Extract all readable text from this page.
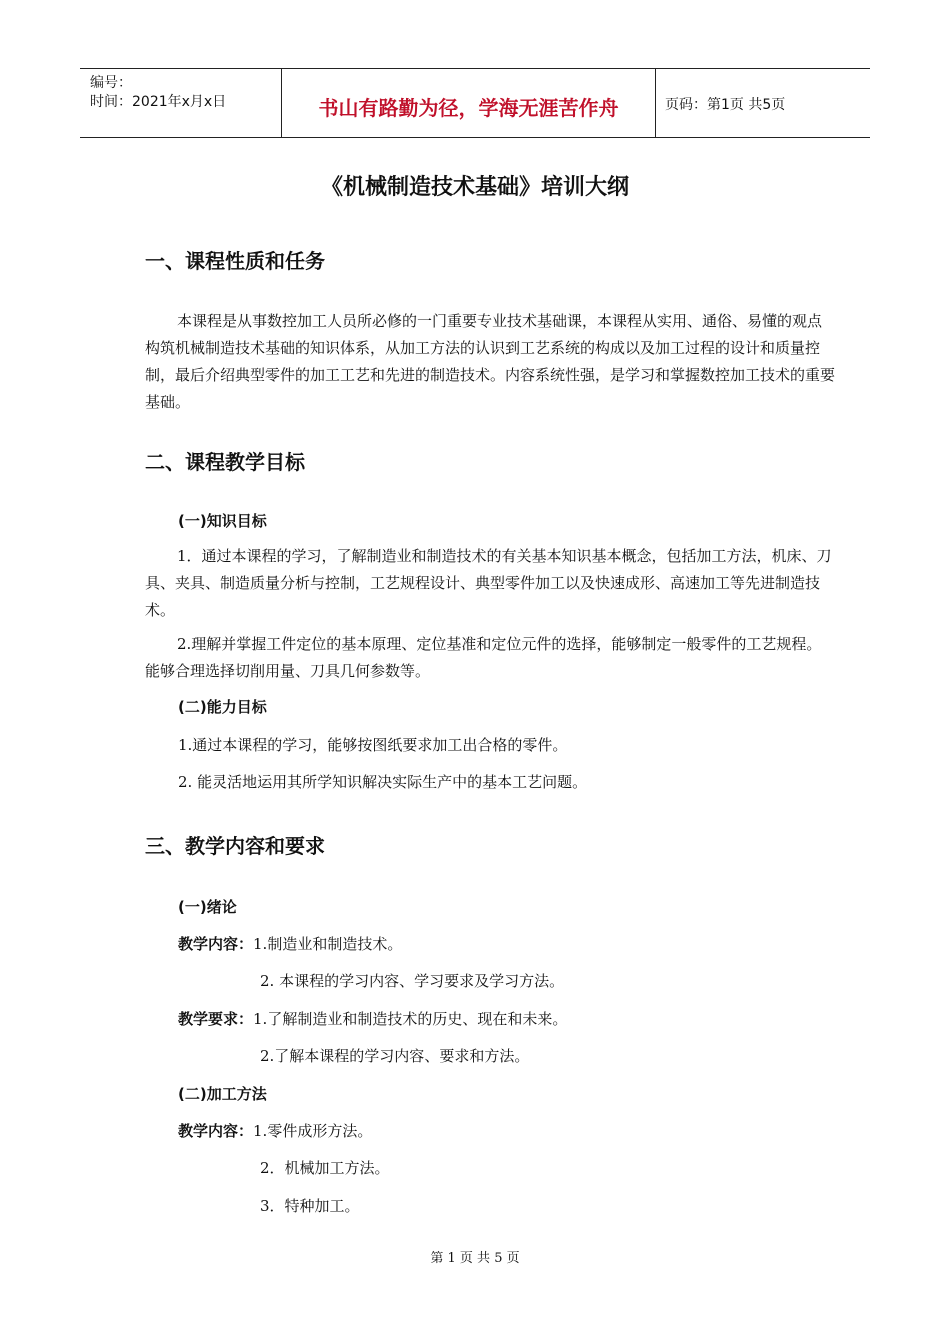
编号：
时间：2021年x月x日	书山有路勤为径，学海无涯苦作舟	页码：第1页 共5页
《机械制造技术基础》培训大纲
一、课程性质和任务
本课程是从事数控加工人员所必修的一门重要专业技术基础课，本课程从实用、通俗、易懂的观点构筑机械制造技术基础的知识体系，从加工方法的认识到工艺系统的构成以及加工过程的设计和质量控制，最后介绍典型零件的加工工艺和先进的制造技术。内容系统性强，是学习和掌握数控加工技术的重要基础。
二、课程教学目标
(一)知识目标
1．通过本课程的学习，了解制造业和制造技术的有关基本知识基本概念，包括加工方法，机床、刀具、夹具、制造质量分析与控制，工艺规程设计、典型零件加工以及快速成形、高速加工等先进制造技术。
2.理解并掌握工件定位的基本原理、定位基准和定位元件的选择，能够制定一般零件的工艺规程。能够合理选择切削用量、刀具几何参数等。
(二)能力目标
1.通过本课程的学习，能够按图纸要求加工出合格的零件。
2. 能灵活地运用其所学知识解决实际生产中的基本工艺问题。
三、教学内容和要求
(一)绪论
教学内容：1.制造业和制造技术。
2. 本课程的学习内容、学习要求及学习方法。
教学要求：1.了解制造业和制造技术的历史、现在和未来。
2.了解本课程的学习内容、要求和方法。
(二)加工方法
教学内容：1.零件成形方法。
2．机械加工方法。
3．特种加工。
第 1 页 共 5 页
